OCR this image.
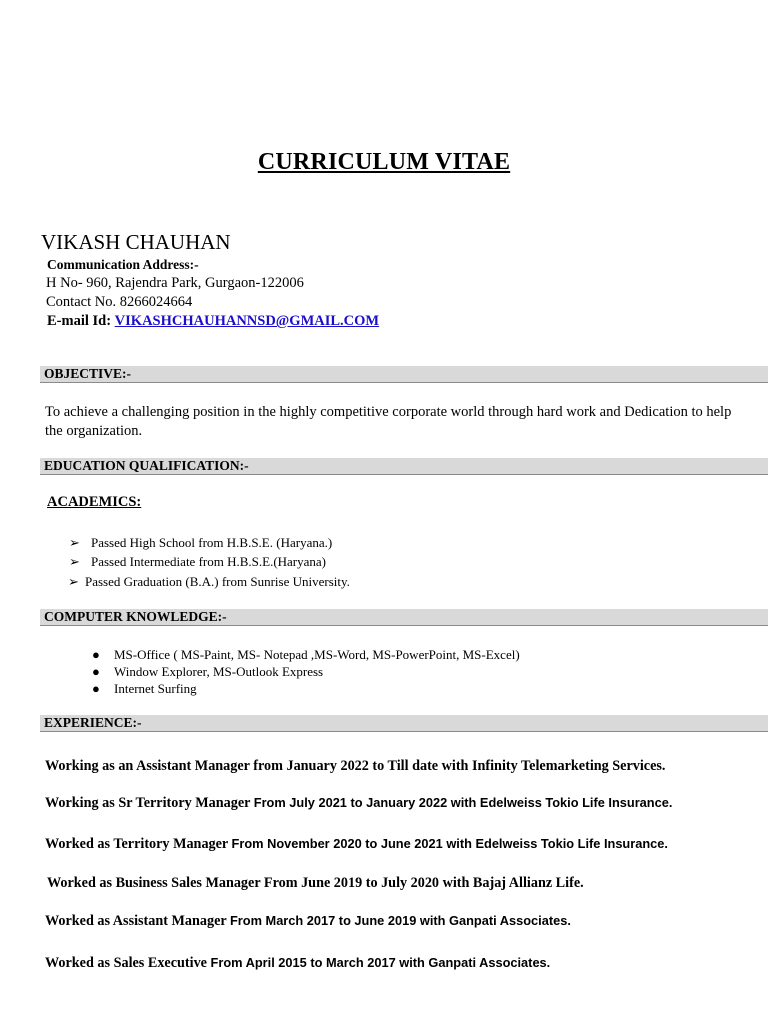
CURRICULUM VITAE
VIKASH CHAUHAN
Communication Address:-
H No- 960, Rajendra Park, Gurgaon-122006
Contact No. 8266024664
E-mail Id: VIKASHCHAUHANNSD@GMAIL.COM
OBJECTIVE:-
To achieve a challenging position in the highly competitive corporate world through hard work and Dedication to help the organization.
EDUCATION QUALIFICATION:-
ACADEMICS:
➢ Passed High School from H.B.S.E. (Haryana.)
➢ Passed Intermediate from H.B.S.E.(Haryana)
➢ Passed Graduation (B.A.) from Sunrise University.
COMPUTER KNOWLEDGE:-
● MS-Office ( MS-Paint, MS- Notepad ,MS-Word, MS-PowerPoint, MS-Excel)
● Window Explorer, MS-Outlook Express
● Internet Surfing
EXPERIENCE:-
Working as an Assistant Manager from January 2022 to Till date with Infinity Telemarketing Services.
Working as Sr Territory Manager From July 2021 to January 2022 with Edelweiss Tokio Life Insurance.
Worked as Territory Manager From November 2020 to June 2021 with Edelweiss Tokio Life Insurance.
Worked as Business Sales Manager From June 2019 to July 2020 with Bajaj Allianz Life.
Worked as Assistant Manager From March 2017 to June 2019 with Ganpati Associates.
Worked as Sales Executive From April 2015 to March 2017 with Ganpati Associates.
